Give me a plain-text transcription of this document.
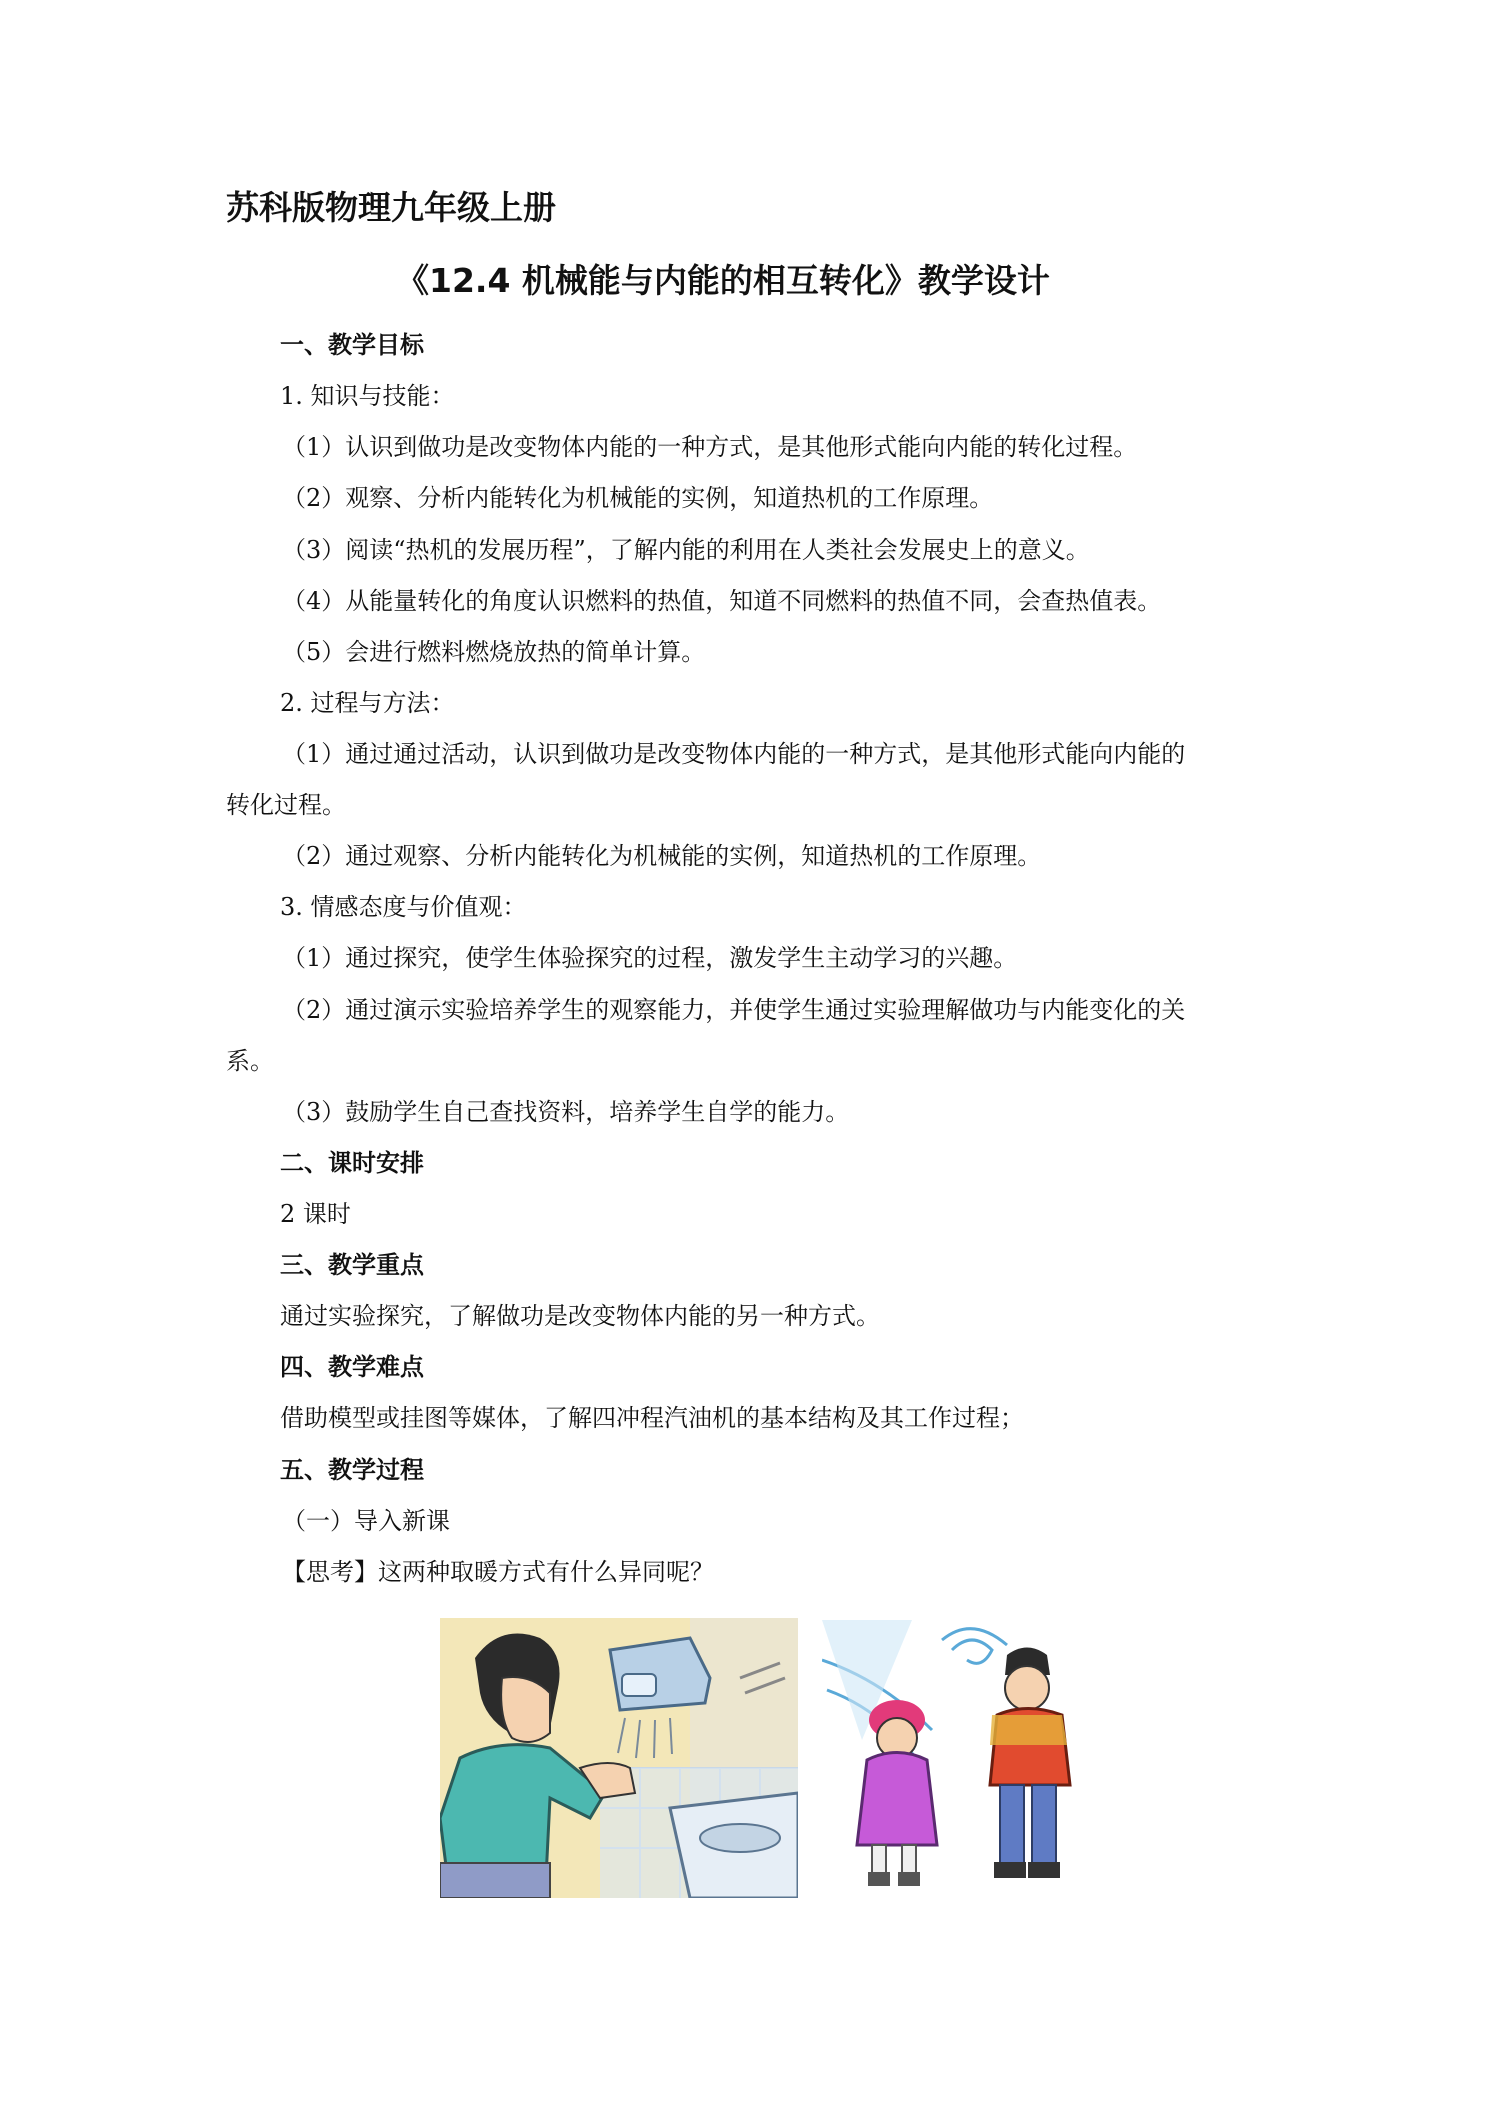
苏科版物理九年级上册
《12.4 机械能与内能的相互转化》教学设计
一、教学目标
1. 知识与技能：
（1）认识到做功是改变物体内能的一种方式，是其他形式能向内能的转化过程。
（2）观察、分析内能转化为机械能的实例，知道热机的工作原理。
（3）阅读“热机的发展历程”，了解内能的利用在人类社会发展史上的意义。
（4）从能量转化的角度认识燃料的热值，知道不同燃料的热值不同，会查热值表。
（5）会进行燃料燃烧放热的简单计算。
2. 过程与方法：
（1）通过通过活动，认识到做功是改变物体内能的一种方式，是其他形式能向内能的
转化过程。
（2）通过观察、分析内能转化为机械能的实例，知道热机的工作原理。
3. 情感态度与价值观：
（1）通过探究，使学生体验探究的过程，激发学生主动学习的兴趣。
（2）通过演示实验培养学生的观察能力，并使学生通过实验理解做功与内能变化的关
系。
（3）鼓励学生自己查找资料，培养学生自学的能力。
二、课时安排
2 课时
三、教学重点
通过实验探究，了解做功是改变物体内能的另一种方式。
四、教学难点
借助模型或挂图等媒体，了解四冲程汽油机的基本结构及其工作过程；
五、教学过程
（一）导入新课
【思考】这两种取暖方式有什么异同呢？
